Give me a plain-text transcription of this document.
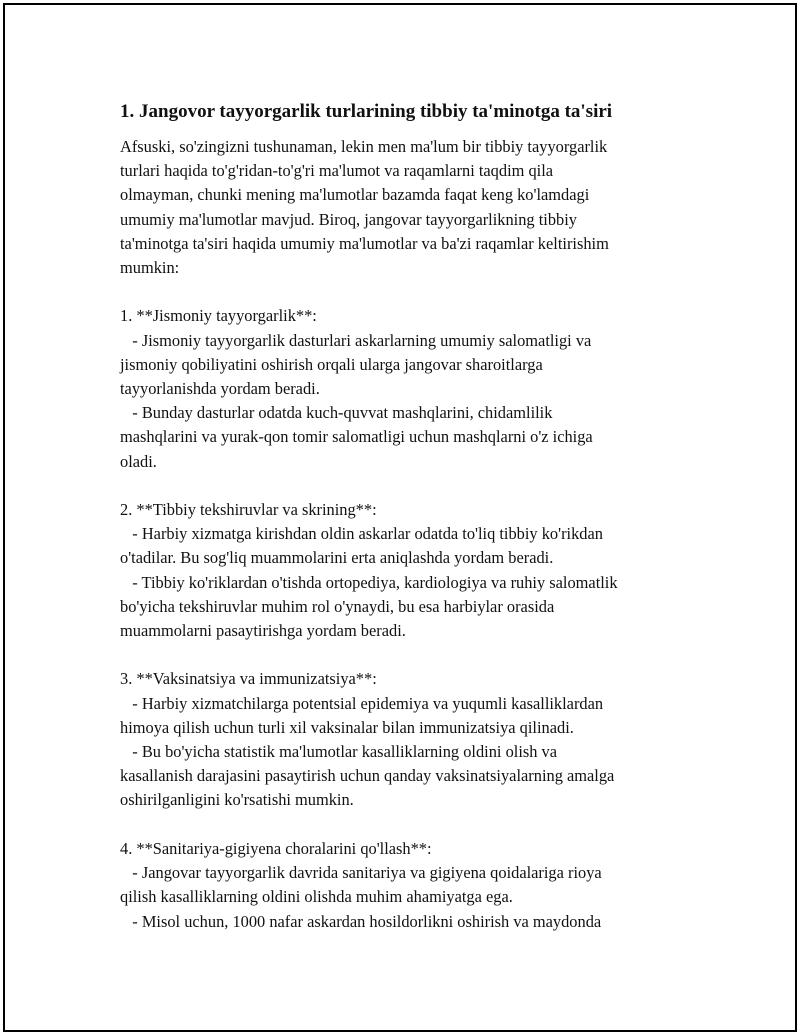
1. Jangovor tayyorgarlik turlarining tibbiy ta'minotga ta'siri
Afsuski, so'zingizni tushunaman, lekin men ma'lum bir tibbiy tayyorgarlik
turlari haqida to'g'ridan-to'g'ri ma'lumot va raqamlarni taqdim qila
olmayman, chunki mening ma'lumotlar bazamda faqat keng ko'lamdagi
umumiy ma'lumotlar mavjud. Biroq, jangovar tayyorgarlikning tibbiy
ta'minotga ta'siri haqida umumiy ma'lumotlar va ba'zi raqamlar keltirishim
mumkin:

1. **Jismoniy tayyorgarlik**:
- Jismoniy tayyorgarlik dasturlari askarlarning umumiy salomatligi va
jismoniy qobiliyatini oshirish orqali ularga jangovar sharoitlarga
tayyorlanishda yordam beradi.
- Bunday dasturlar odatda kuch-quvvat mashqlarini, chidamlilik
mashqlarini va yurak-qon tomir salomatligi uchun mashqlarni o'z ichiga
oladi.

2. **Tibbiy tekshiruvlar va skrining**:
- Harbiy xizmatga kirishdan oldin askarlar odatda to'liq tibbiy ko'rikdan
o'tadilar. Bu sog'liq muammolarini erta aniqlashda yordam beradi.
- Tibbiy ko'riklardan o'tishda ortopediya, kardiologiya va ruhiy salomatlik
bo'yicha tekshiruvlar muhim rol o'ynaydi, bu esa harbiylar orasida
muammolarni pasaytirishga yordam beradi.

3. **Vaksinatsiya va immunizatsiya**:
- Harbiy xizmatchilarga potentsial epidemiya va yuqumli kasalliklardan
himoya qilish uchun turli xil vaksinalar bilan immunizatsiya qilinadi.
- Bu bo'yicha statistik ma'lumotlar kasalliklarning oldini olish va
kasallanish darajasini pasaytirish uchun qanday vaksinatsiyalarning amalga
oshirilganligini ko'rsatishi mumkin.

4. **Sanitariya-gigiyena choralarini qo'llash**:
- Jangovar tayyorgarlik davrida sanitariya va gigiyena qoidalariga rioya
qilish kasalliklarning oldini olishda muhim ahamiyatga ega.
- Misol uchun, 1000 nafar askardan hosildorlikni oshirish va maydonda
